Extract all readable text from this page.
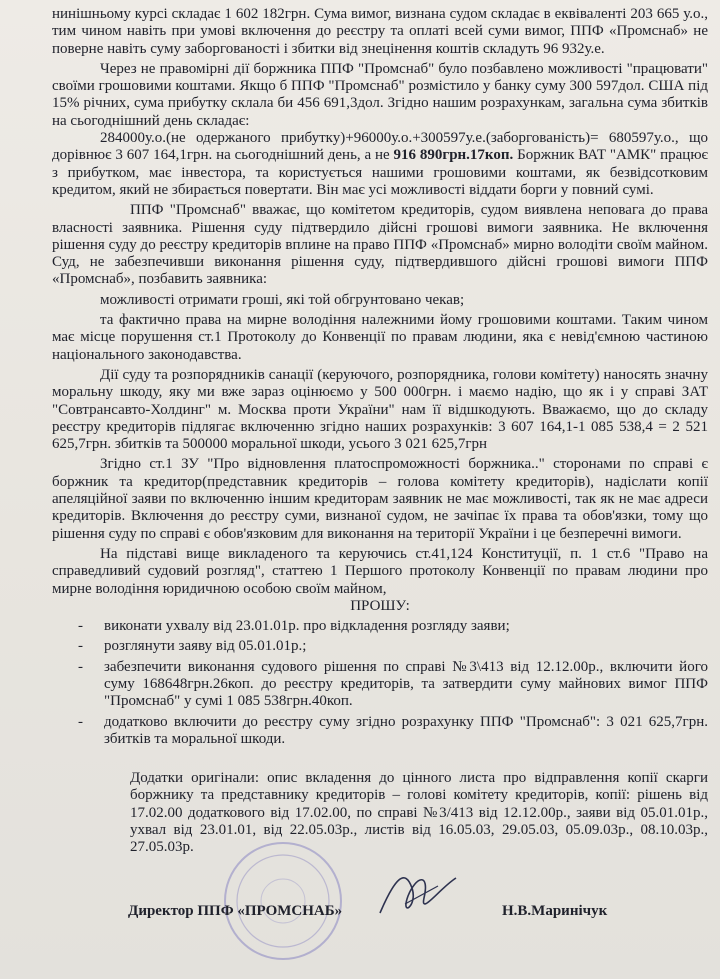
нинішньому курсі складає 1 602 182грн. Сума вимог, визнана судом складає в еквіваленті 203 665 у.о., тим чином навіть при умові включення до реєстру та оплаті всей суми вимог, ППФ «Промснаб» не поверне навіть суму заборгованості і збитки від знецінення коштів складуть 96 932у.е.

Через не правомірні дії боржника ППФ "Промснаб" було позбавлено можливості "працювати" своїми грошовими коштами. Якщо б ППФ "Промснаб" розмістило у банку суму 300 597дол. США під 15% річних, сума прибутку склала би 456 691,3дол. Згідно нашим розрахункам, загальна сума збитків на сьогоднішний день складає:

284000у.о.(не одержаного прибутку)+96000у.о.+300597у.е.(заборгованість)= 680597у.о., що дорівнює 3 607 164,1грн. на сьогоднішний день, а не 916 890грн.17коп. Боржник ВАТ "АМК" працює з прибутком, має інвестора, та користується нашими грошовими коштами, як безвідсотковим кредитом, який не збирається повертати. Він має усі можливості віддати борги у повний сумі.

ППФ "Промснаб" вважає, що комітетом кредиторів, судом виявлена неповага до права власності заявника. Рішення суду підтвердило дійсні грошові вимоги заявника. Не включення рішення суду до реєстру кредиторів вплине на право ППФ «Промснаб» мирно володіти своїм майном. Суд, не забезпечивши виконання рішення суду, підтвердившого дійсні грошові вимоги ППФ «Промснаб», позбавить заявника:

можливості отримати гроші, які той обгрунтовано чекав;

та фактично права на мирне володіння належними йому грошовими коштами. Таким чином має місце порушення ст.1 Протоколу до Конвенції по правам людини, яка є невід'ємною частиною національного законодавства.

Дії суду та розпорядників санації (керуючого, розпорядника, голови комітету) наносять значну моральну шкоду, яку ми вже зараз оцінюємо у 500 000грн. і маємо надію, що як і у справі ЗАТ "Совтрансавто-Холдинг" м. Москва проти України" нам її відшкодують. Вважаємо, що до складу реєстру кредиторів підлягає включенню згідно наших розрахунків: 3 607 164,1-1 085 538,4 = 2 521 625,7грн. збитків та 500000 моральної шкоди, усього 3 021 625,7грн

Згідно ст.1 ЗУ "Про відновлення платоспроможності боржника.." сторонами по справі є боржник та кредитор(представник кредиторів – голова комітету кредиторів), надіслати копії апеляційної заяви по включенню іншим кредиторам заявник не має можливості, так як не має адреси кредиторів. Включення до реєстру суми, визнаної судом, не зачіпає їх права та обов'язки, тому що рішення суду по справі є обов'язковим для виконання на території України і це безперечні вимоги.

На підставі вище викладеного та керуючись ст.41,124 Конституції, п. 1 ст.6 "Право на справедливий судовий розгляд", статтею 1 Першого протоколу Конвенції по правам людини про мирне володіння юридичною особою своїм майном,

ПРОШУ:

- виконати ухвалу від 23.01.01р. про відкладення розгляду заяви;
- розглянути заяву від 05.01.01р.;
- забезпечити виконання судового рішення по справі №3\413 від 12.12.00р., включити його суму 168648грн.26коп. до реєстру кредиторів, та затвердити суму майнових вимог ППФ "Промснаб" у сумі 1 085 538грн.40коп.
- додатково включити до реєстру суму згідно розрахунку ППФ "Промснаб": 3 021 625,7грн. збитків та моральної шкоди.

Додатки оригінали: опис вкладення до цінного листа про відправлення копії скарги боржнику та представнику кредиторів – голові комітету кредиторів, копії: рішень від 17.02.00 додаткового від 17.02.00, по справі №3/413 від 12.12.00р., заяви від 05.01.01р., ухвал від 23.01.01, від 22.05.03р., листів від 16.05.03, 29.05.03, 05.09.03р., 08.10.03р., 27.05.03р.

Директор ППФ «ПРОМСНАБ»	Н.В.Маринічук
